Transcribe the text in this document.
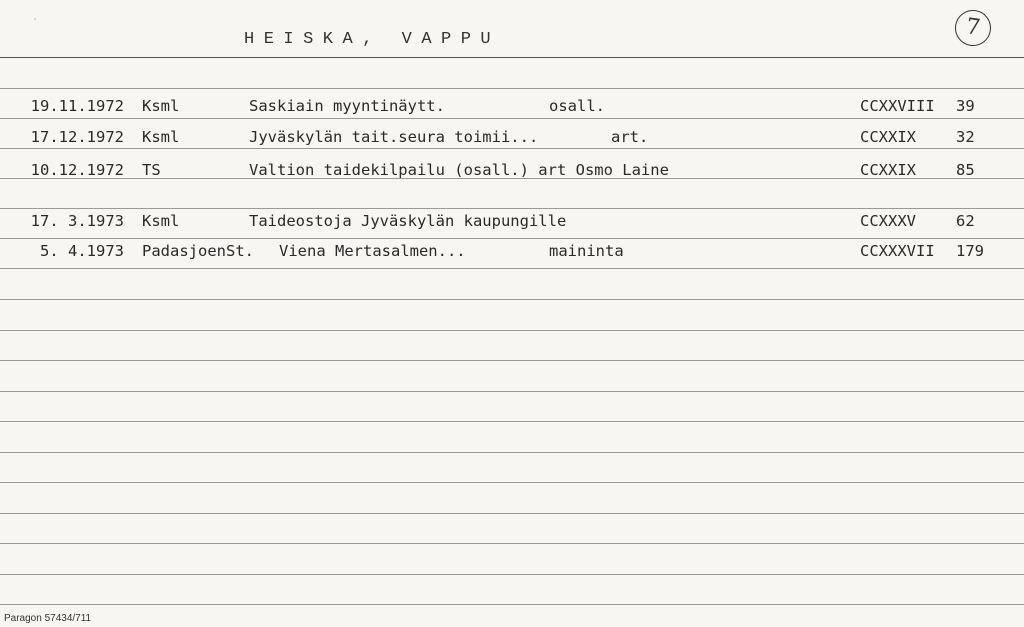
HEISKA, VAPPU	7
19.11.1972 Ksml	Saskiain myyntinäytt.	osall.	CCXXVIII 39
17.12.1972 Ksml	Jyväskylän tait.seura toimii...	art.	CCXXIX	32
10.12.1972 TS	Valtion taidekilpailu (osall.) art Osmo Laine	CCXXIX	85
17. 3.1973 Ksml	Taideostoja Jyväskylän kaupungille	CCXXXV	62
5. 4.1973 PadasjoenSt. Viena Mertasalmen...	maininta	CCXXXVII 179
Paragon 57434/711
